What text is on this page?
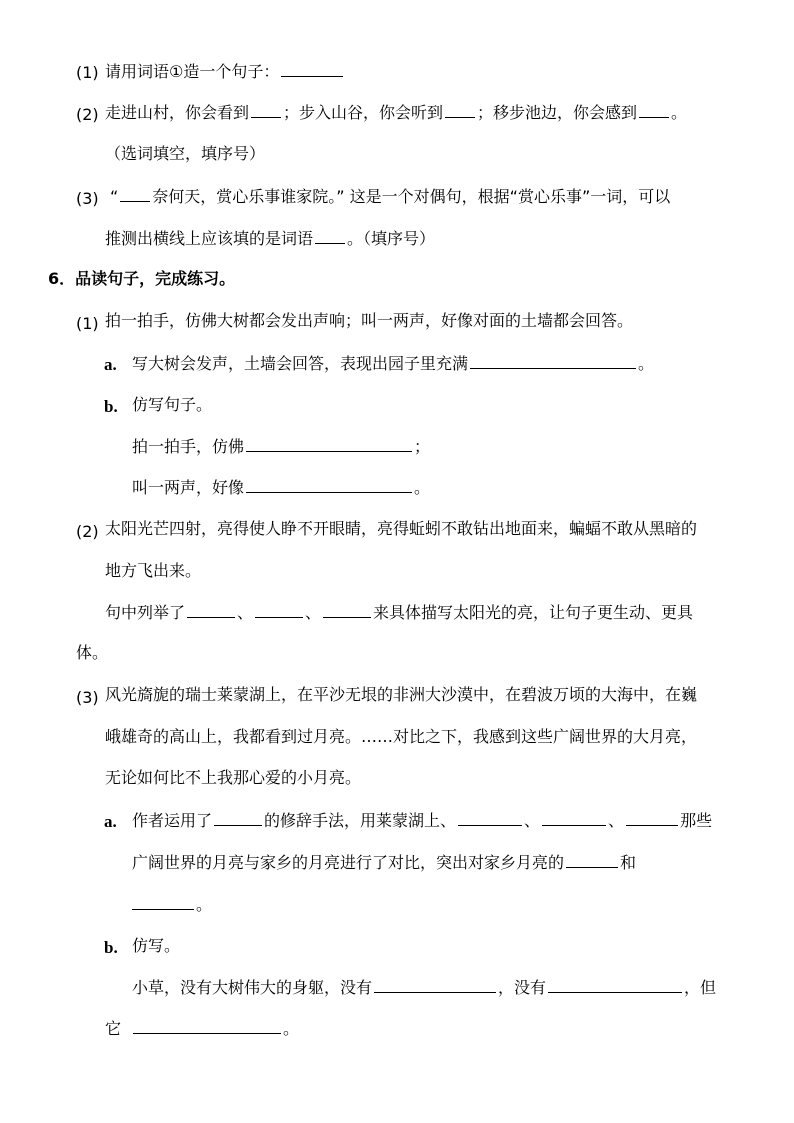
(1) 请用词语①造一个句子：
(2) 走进山村，你会看到 ；步入山谷，你会听到 ；移步池边，你会感到 。
（选词填空，填序号）
(3) “ 奈何天，赏心乐事谁家院。” 这是一个对偶句，根据“赏心乐事”一词，可以
推测出横线上应该填的是词语 。（填序号）
6．品读句子，完成练习。
(1) 拍一拍手，仿佛大树都会发出声响；叫一两声，好像对面的土墙都会回答。
a. 写大树会发声，土墙会回答，表现出园子里充满	。
b. 仿写句子。
拍一拍手，仿佛	；
叫一两声，好像	。
(2) 太阳光芒四射，亮得使人睁不开眼睛，亮得蚯蚓不敢钻出地面来，蝙蝠不敢从黑暗的
地方飞出来。
句中列举了	、	、	来具体描写太阳光的亮，让句子更生动、更具
体。
(3) 风光旖旎的瑞士莱蒙湖上，在平沙无垠的非洲大沙漠中，在碧波万顷的大海中，在巍
峨雄奇的高山上，我都看到过月亮。……对比之下，我感到这些广阔世界的大月亮，
无论如何比不上我那心爱的小月亮。
a. 作者运用了	的修辞手法，用莱蒙湖上、	、	、	那些
广阔世界的月亮与家乡的月亮进行了对比，突出对家乡月亮的	和
。
b. 仿写。
小草，没有大树伟大的身躯，没有	，没有	，但
它	。
